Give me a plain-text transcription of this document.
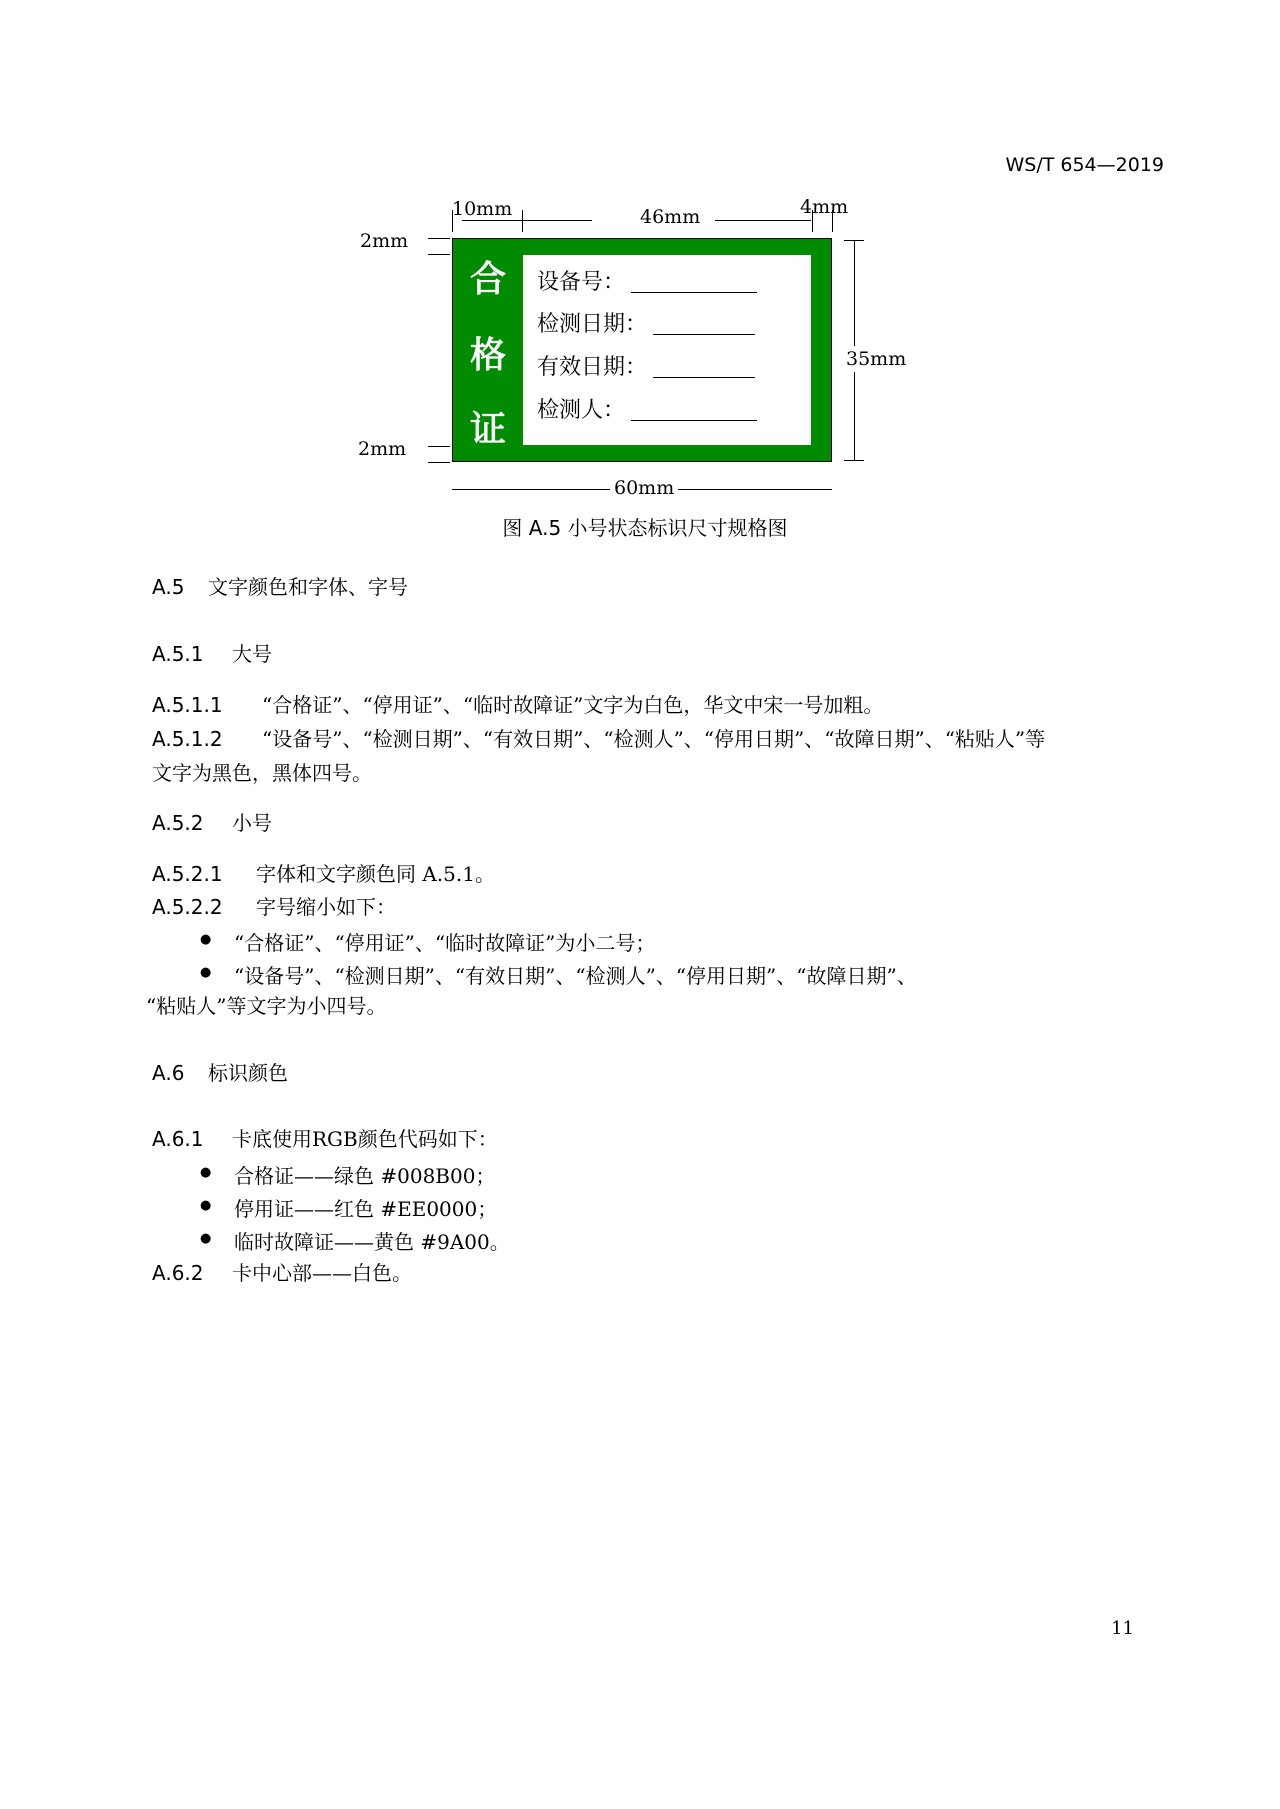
WS/T 654—2019
10mm	46mm	4mm
2mm
2mm
35mm
60mm
合
格
证
设备号：
检测日期：
有效日期：
检测人：
图 A.5 小号状态标识尺寸规格图
A.5 文字颜色和字体、字号
A.5.1 大号
A.5.1.1 “合格证”、“停用证”、“临时故障证”文字为白色，华文中宋一号加粗。
A.5.1.2 “设备号”、“检测日期”、“有效日期”、“检测人”、“停用日期”、“故障日期”、“粘贴人”等
文字为黑色，黑体四号。
A.5.2 小号
A.5.2.1 字体和文字颜色同 A.5.1。
A.5.2.2 字号缩小如下：
● “合格证”、“停用证”、“临时故障证”为小二号；
● “设备号”、“检测日期”、“有效日期”、“检测人”、“停用日期”、“故障日期”、
“粘贴人”等文字为小四号。
A.6 标识颜色
A.6.1 卡底使用RGB颜色代码如下：
● 合格证——绿色 #008B00；
● 停用证——红色 #EE0000；
● 临时故障证——黄色 #9A00。
A.6.2 卡中心部——白色。
11
